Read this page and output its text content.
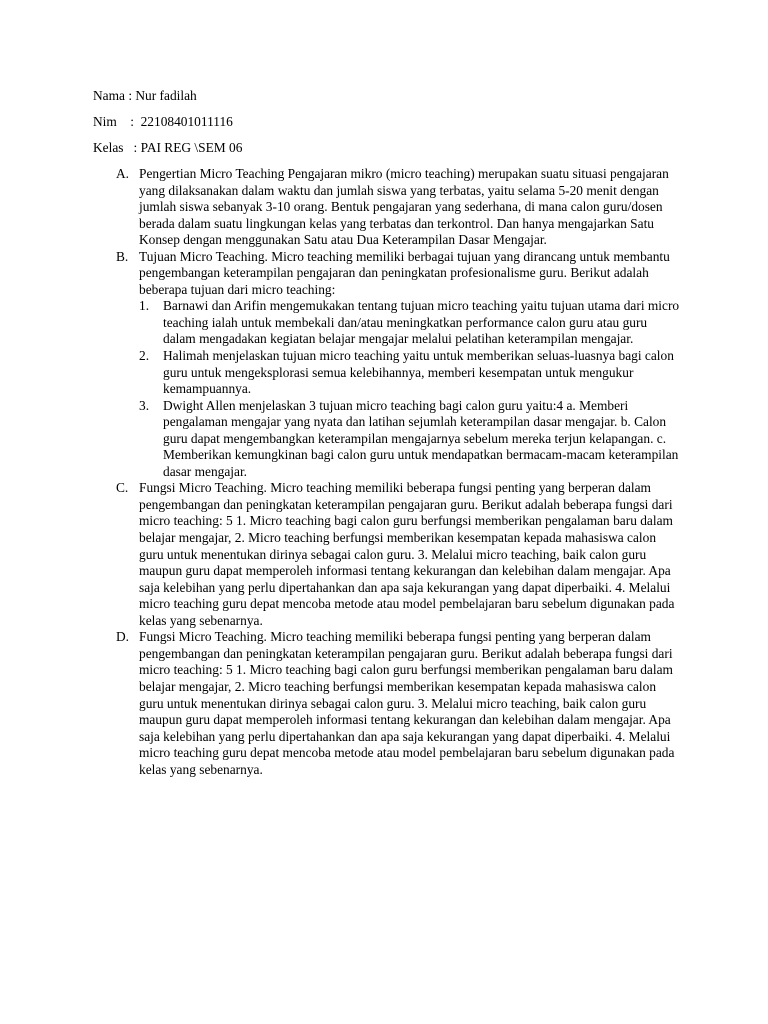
Nama : Nur fadilah
Nim    :  22108401011116
Kelas   : PAI REG \SEM 06
A. Pengertian Micro Teaching Pengajaran mikro (micro teaching) merupakan suatu situasi pengajaran yang dilaksanakan dalam waktu dan jumlah siswa yang terbatas, yaitu selama 5-20 menit dengan jumlah siswa sebanyak 3-10 orang. Bentuk pengajaran yang sederhana, di mana calon guru/dosen berada dalam suatu lingkungan kelas yang terbatas dan terkontrol. Dan hanya mengajarkan Satu Konsep dengan menggunakan Satu atau Dua Keterampilan Dasar Mengajar.
B. Tujuan Micro Teaching. Micro teaching memiliki berbagai tujuan yang dirancang untuk membantu pengembangan keterampilan pengajaran dan peningkatan profesionalisme guru. Berikut adalah beberapa tujuan dari micro teaching:
1. Barnawi dan Arifin mengemukakan tentang tujuan micro teaching yaitu tujuan utama dari micro teaching ialah untuk membekali dan/atau meningkatkan performance calon guru atau guru dalam mengadakan kegiatan belajar mengajar melalui pelatihan keterampilan mengajar.
2. Halimah menjelaskan tujuan micro teaching yaitu untuk memberikan seluas-luasnya bagi calon guru untuk mengeksplorasi semua kelebihannya, memberi kesempatan untuk mengukur kemampuannya.
3. Dwight Allen menjelaskan 3 tujuan micro teaching bagi calon guru yaitu:4 a. Memberi pengalaman mengajar yang nyata dan latihan sejumlah keterampilan dasar mengajar. b. Calon guru dapat mengembangkan keterampilan mengajarnya sebelum mereka terjun kelapangan. c. Memberikan kemungkinan bagi calon guru untuk mendapatkan bermacam-macam keterampilan dasar mengajar.
C. Fungsi Micro Teaching. Micro teaching memiliki beberapa fungsi penting yang berperan dalam pengembangan dan peningkatan keterampilan pengajaran guru. Berikut adalah beberapa fungsi dari micro teaching: 5 1. Micro teaching bagi calon guru berfungsi memberikan pengalaman baru dalam belajar mengajar, 2. Micro teaching berfungsi memberikan kesempatan kepada mahasiswa calon guru untuk menentukan dirinya sebagai calon guru. 3. Melalui micro teaching, baik calon guru maupun guru dapat memperoleh informasi tentang kekurangan dan kelebihan dalam mengajar. Apa saja kelebihan yang perlu dipertahankan dan apa saja kekurangan yang dapat diperbaiki. 4. Melalui micro teaching guru depat mencoba metode atau model pembelajaran baru sebelum digunakan pada kelas yang sebenarnya.
D. Fungsi Micro Teaching. Micro teaching memiliki beberapa fungsi penting yang berperan dalam pengembangan dan peningkatan keterampilan pengajaran guru. Berikut adalah beberapa fungsi dari micro teaching: 5 1. Micro teaching bagi calon guru berfungsi memberikan pengalaman baru dalam belajar mengajar, 2. Micro teaching berfungsi memberikan kesempatan kepada mahasiswa calon guru untuk menentukan dirinya sebagai calon guru. 3. Melalui micro teaching, baik calon guru maupun guru dapat memperoleh informasi tentang kekurangan dan kelebihan dalam mengajar. Apa saja kelebihan yang perlu dipertahankan dan apa saja kekurangan yang dapat diperbaiki. 4. Melalui micro teaching guru depat mencoba metode atau model pembelajaran baru sebelum digunakan pada kelas yang sebenarnya.
